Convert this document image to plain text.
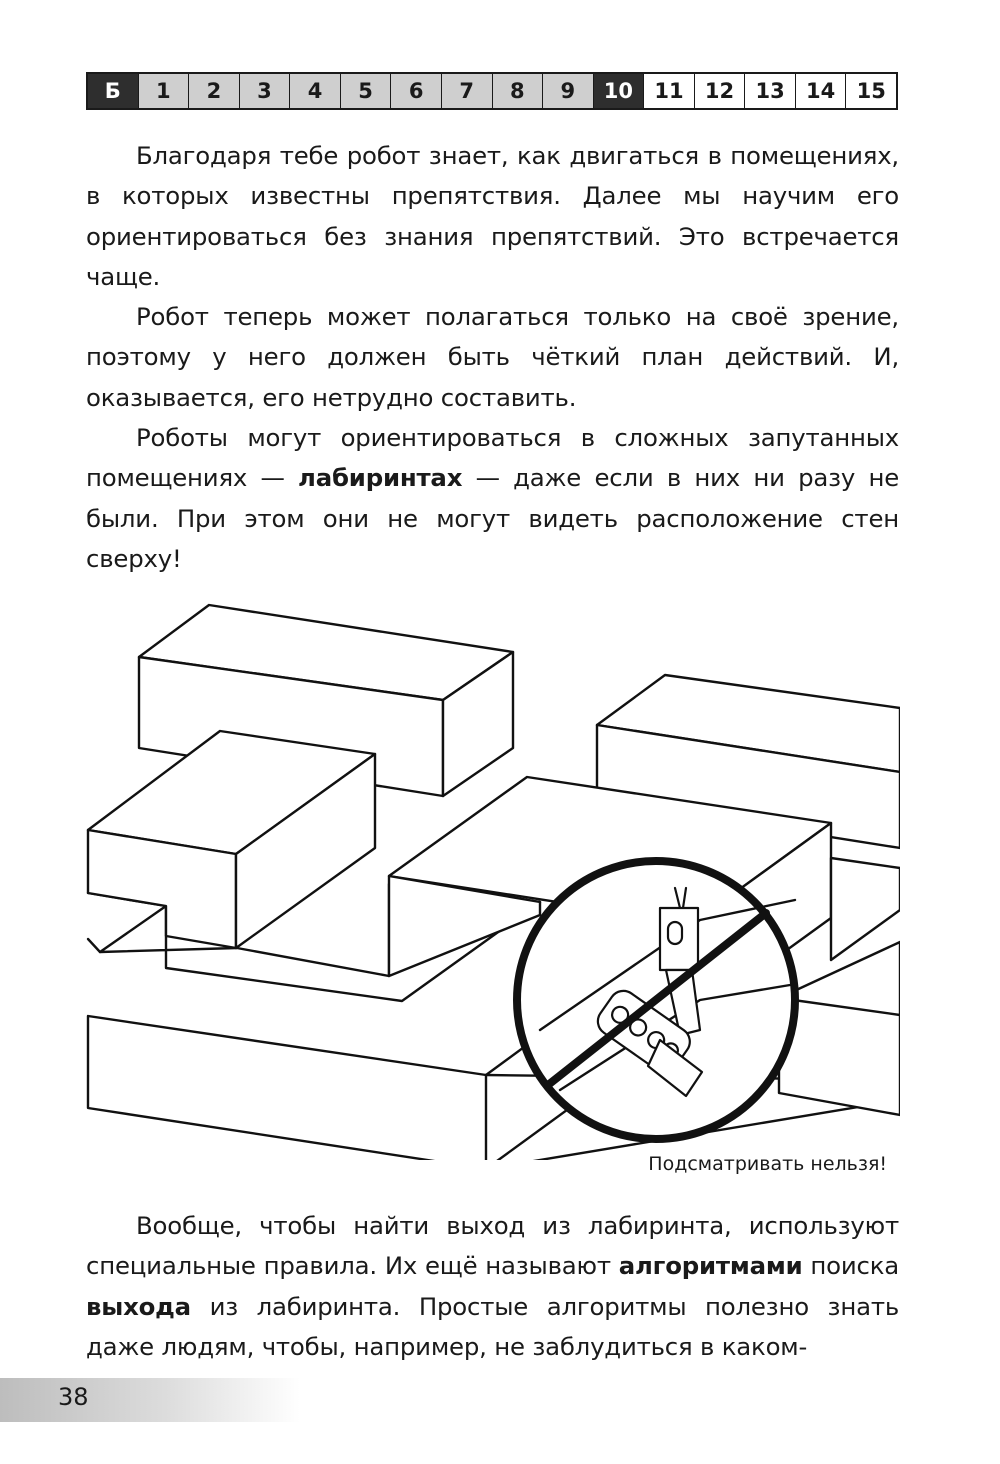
Б	1	2	3	4	5	6	7	8	9	10	11	12	13	14	15

Благодаря тебе робот знает, как двигаться в помещениях, в которых известны препятствия. Далее мы научим его ориентироваться без знания препятствий. Это встречается чаще.

Робот теперь может полагаться только на своё зрение, поэтому у него должен быть чёткий план действий. И, оказывается, его нетрудно составить.

Роботы могут ориентироваться в сложных запутанных помещениях — лабиринтах — даже если в них ни разу не были. При этом они не могут видеть расположение стен сверху!

Подсматривать нельзя!

Вообще, чтобы найти выход из лабиринта, используют специальные правила. Их ещё называют алгоритмами поиска выхода из лабиринта. Простые алгоритмы полезно знать даже людям, чтобы, например, не заблудиться в каком-

38
